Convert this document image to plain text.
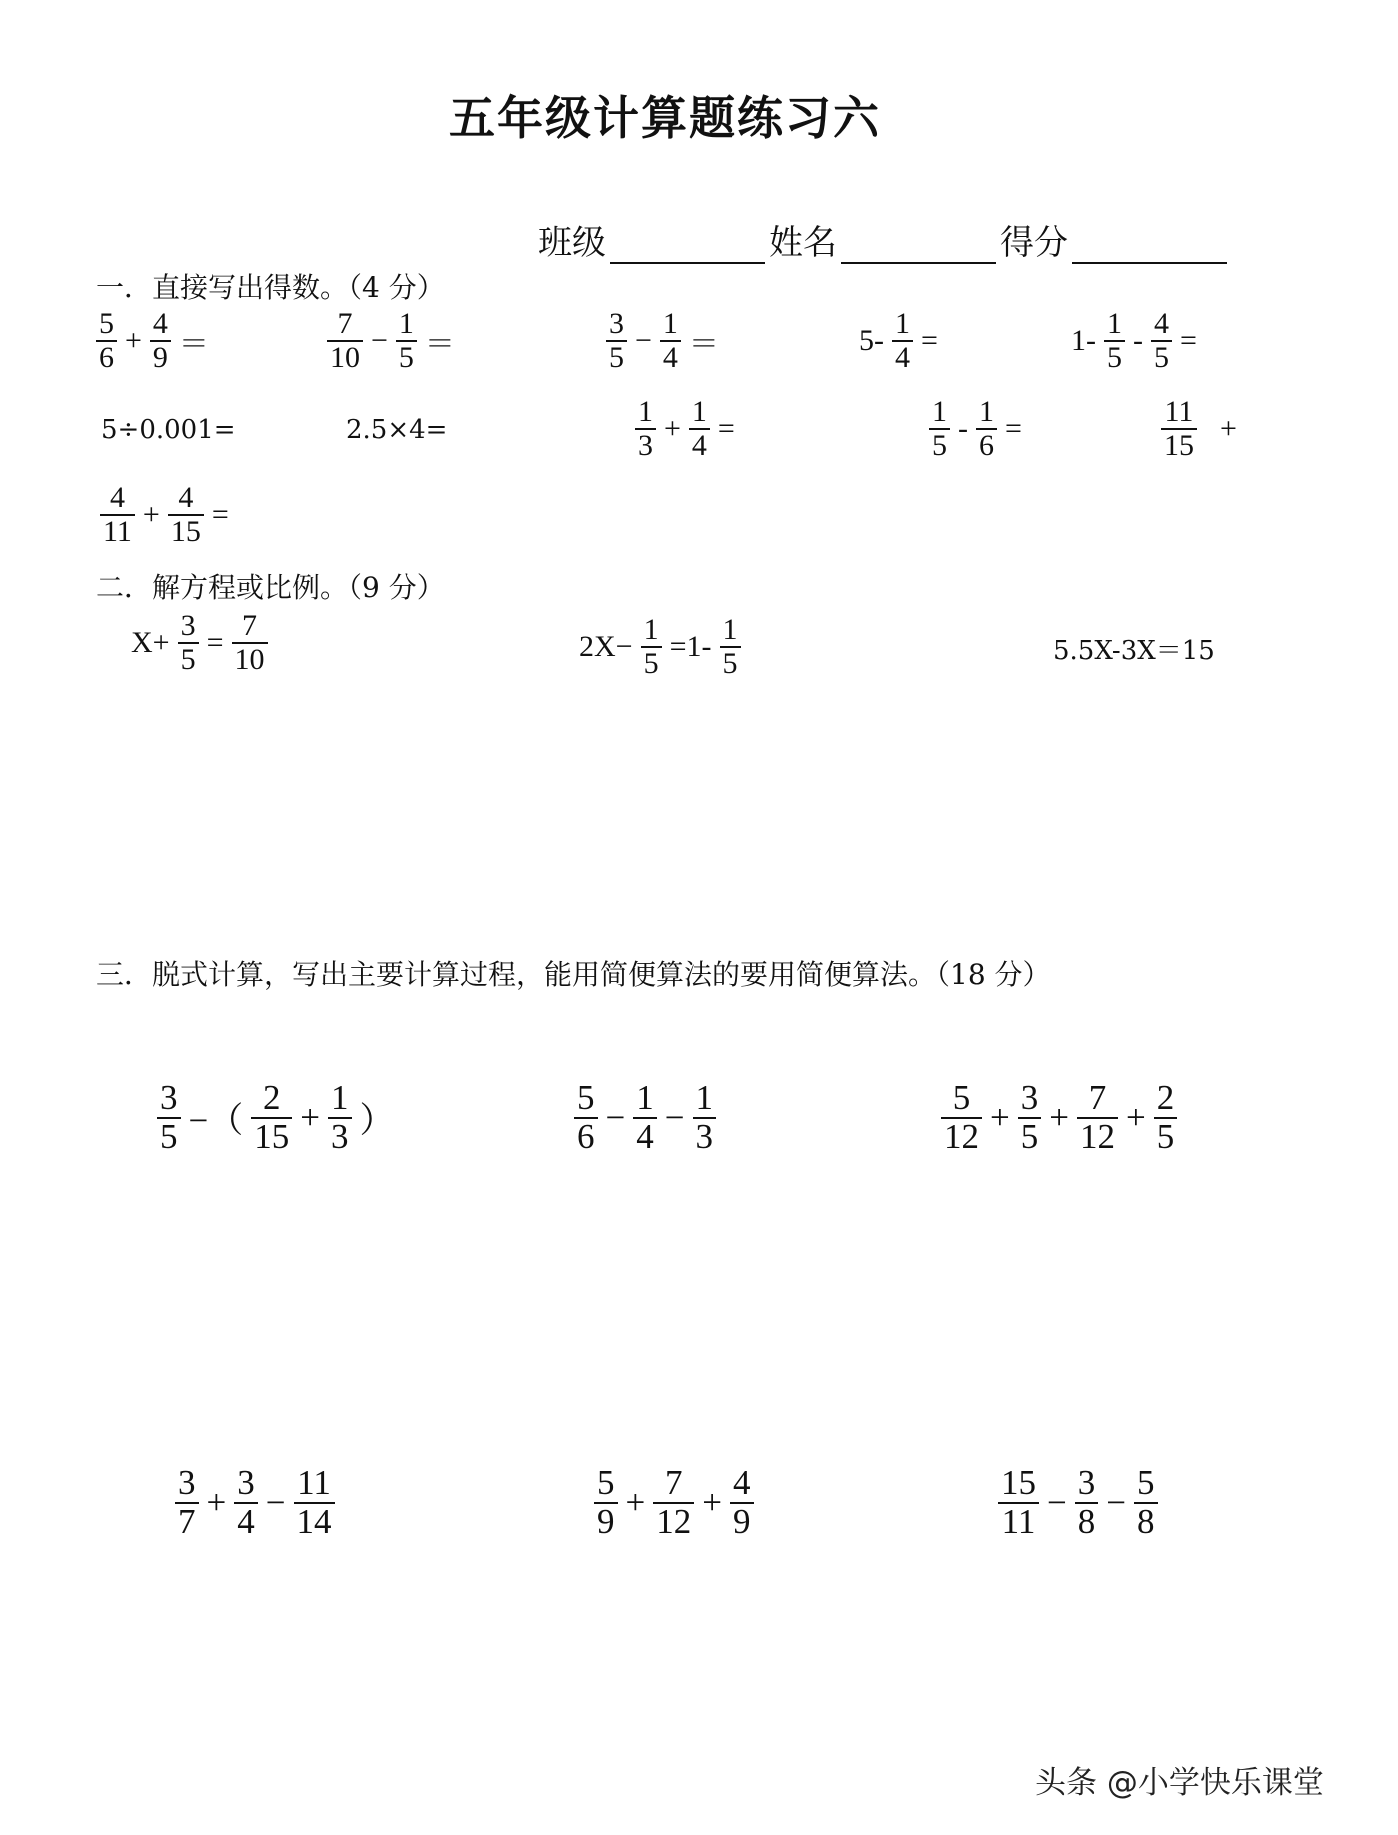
五年级计算题练习六
班级	姓名	得分
一．直接写出得数。（4 分）
二．解方程或比例。（9 分）
三．脱式计算，写出主要计算过程，能用简便算法的要用简便算法。（18 分）
$\frac{5}{6} + \frac{4}{9}$ ＝	$\frac{7}{10} - \frac{1}{5}$ ＝	$\frac{3}{5} - \frac{1}{4}$ ＝	$5- \frac{1}{4}$ =	$1- \frac{1}{5} - \frac{4}{5}$ =
5÷0.001=	2.5×4=	$\frac{1}{3} + \frac{1}{4}$ =	$\frac{1}{5} - \frac{1}{6}$ =	$\frac{11}{15}$ +
$\frac{4}{11} + \frac{4}{15}$ =
$X+ \frac{3}{5} = \frac{7}{10}$	$2X- \frac{1}{5} =1- \frac{1}{5}$	5.5X-3X＝15
$\frac{3}{5}$ −（ $\frac{2}{15} + \frac{1}{3}$ ）	$\frac{5}{6} - \frac{1}{4} - \frac{1}{3}$	$\frac{5}{12} + \frac{3}{5} + \frac{7}{12} + \frac{2}{5}$
$\frac{3}{7} + \frac{3}{4} - \frac{11}{14}$	$\frac{5}{9} + \frac{7}{12} + \frac{4}{9}$	$\frac{15}{11} - \frac{3}{8} - \frac{5}{8}$
头条 @小学快乐课堂
